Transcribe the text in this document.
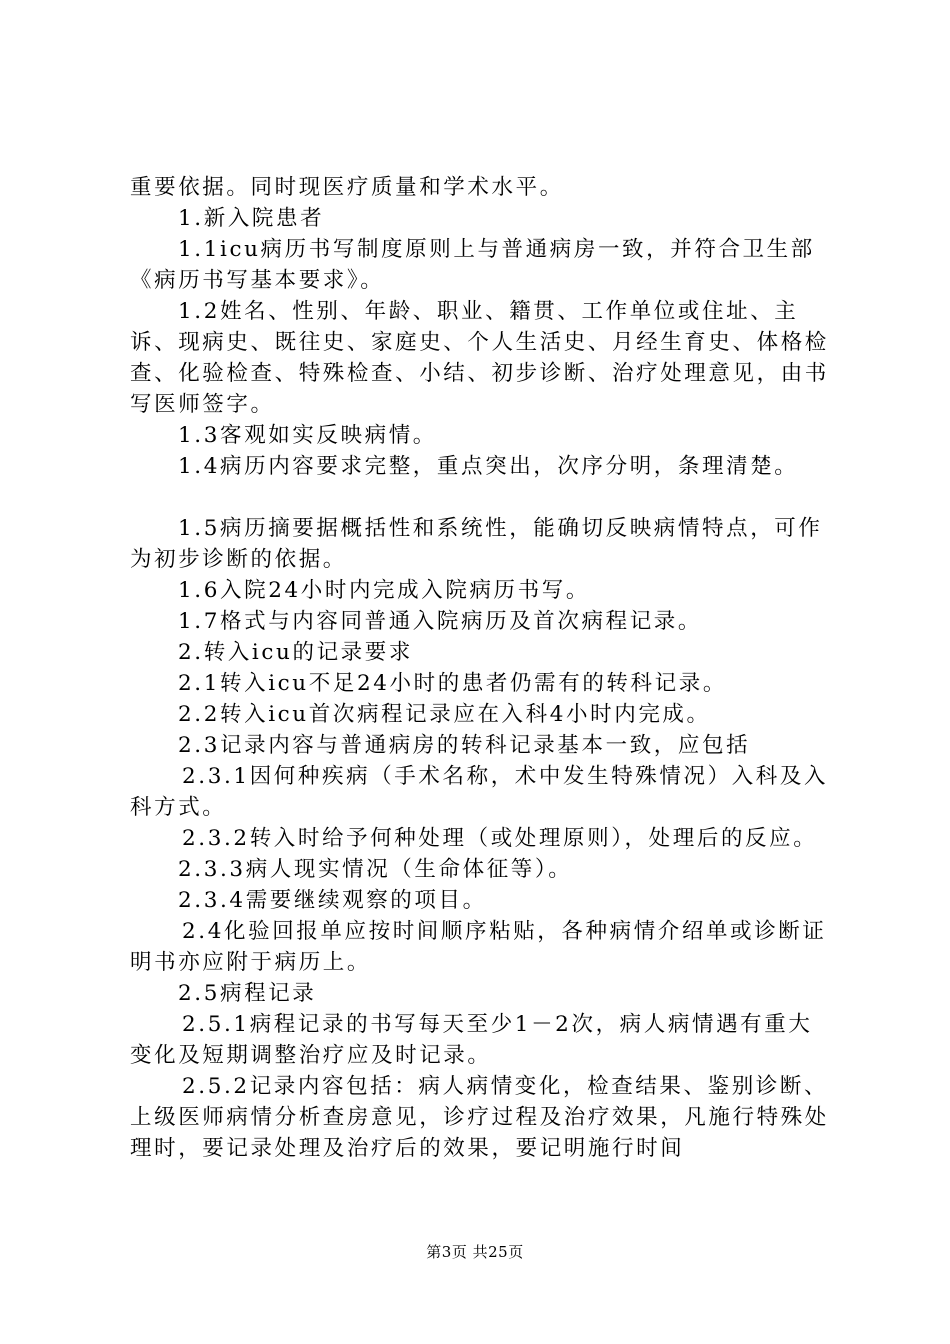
重要依据。同时现医疗质量和学术水平。

1.新入院患者

1.1icu病历书写制度原则上与普通病房一致，并符合卫生部《病历书写基本要求》。

1.2姓名、性别、年龄、职业、籍贯、工作单位或住址、主诉、现病史、既往史、家庭史、个人生活史、月经生育史、体格检查、化验检查、特殊检查、小结、初步诊断、治疗处理意见，由书写医师签字。

1.3客观如实反映病情。

1.4病历内容要求完整，重点突出，次序分明，条理清楚。

1.5病历摘要据概括性和系统性，能确切反映病情特点，可作为初步诊断的依据。

1.6入院24小时内完成入院病历书写。

1.7格式与内容同普通入院病历及首次病程记录。

2.转入icu的记录要求

2.1转入icu不足24小时的患者仍需有的转科记录。

2.2转入icu首次病程记录应在入科4小时内完成。

2.3记录内容与普通病房的转科记录基本一致，应包括

2.3.1因何种疾病（手术名称，术中发生特殊情况）入科及入科方式。

2.3.2转入时给予何种处理（或处理原则），处理后的反应。

2.3.3病人现实情况（生命体征等）。

2.3.4需要继续观察的项目。

2.4化验回报单应按时间顺序粘贴，各种病情介绍单或诊断证明书亦应附于病历上。

2.5病程记录

2.5.1病程记录的书写每天至少1－2次，病人病情遇有重大变化及短期调整治疗应及时记录。

2.5.2记录内容包括：病人病情变化，检查结果、鉴别诊断、上级医师病情分析查房意见，诊疗过程及治疗效果，凡施行特殊处理时，要记录处理及治疗后的效果，要记明施行时间

第3页 共25页
